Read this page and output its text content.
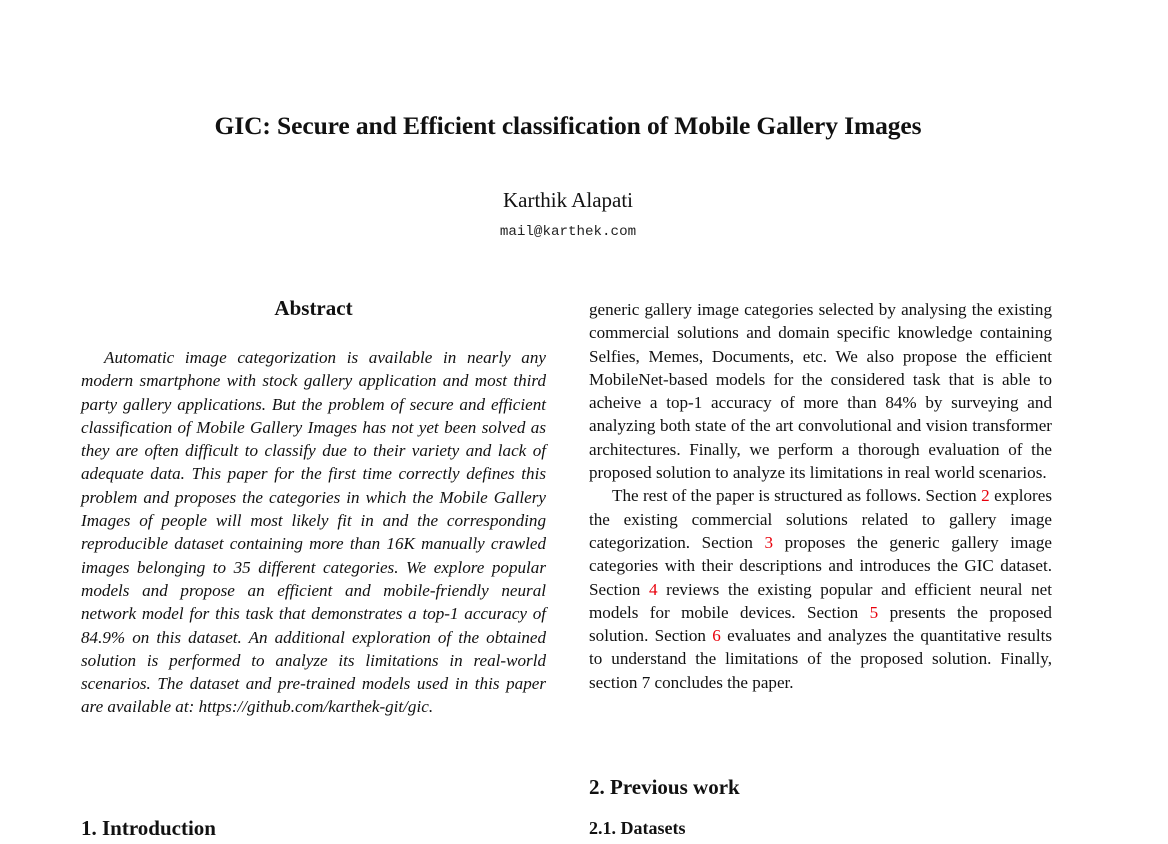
GIC: Secure and Efficient classification of Mobile Gallery Images
Karthik Alapati
mail@karthek.com
Abstract

Automatic image categorization is available in nearly any modern smartphone with stock gallery application and most third party gallery applications. But the problem of secure and efficient classification of Mobile Gallery Images has not yet been solved as they are often difficult to classify due to their variety and lack of adequate data. This paper for the first time correctly defines this problem and proposes the categories in which the Mobile Gallery Images of people will most likely fit in and the corresponding reproducible dataset containing more than 16K manually crawled images belonging to 35 different categories. We explore popular models and propose an efficient and mobile-friendly neural network model for this task that demonstrates a top-1 accuracy of 84.9% on this dataset. An additional exploration of the obtained solution is performed to analyze its limitations in real-world scenarios. The dataset and pre-trained models used in this paper are available at: https://github.com/karthek-git/gic.

1. Introduction

generic gallery image categories selected by analysing the existing commercial solutions and domain specific knowledge containing Selfies, Memes, Documents, etc. We also propose the efficient MobileNet-based models for the considered task that is able to acheive a top-1 accuracy of more than 84% by surveying and analyzing both state of the art convolutional and vision transformer architectures. Finally, we perform a thorough evaluation of the proposed solution to analyze its limitations in real world scenarios.

The rest of the paper is structured as follows. Section 2 explores the existing commercial solutions related to gallery image categorization. Section 3 proposes the generic gallery image categories with their descriptions and introduces the GIC dataset. Section 4 reviews the existing popular and efficient neural net models for mobile devices. Section 5 presents the proposed solution. Section 6 evaluates and analyzes the quantitative results to understand the limitations of the proposed solution. Finally, section 7 concludes the paper.

2. Previous work
2.1. Datasets
